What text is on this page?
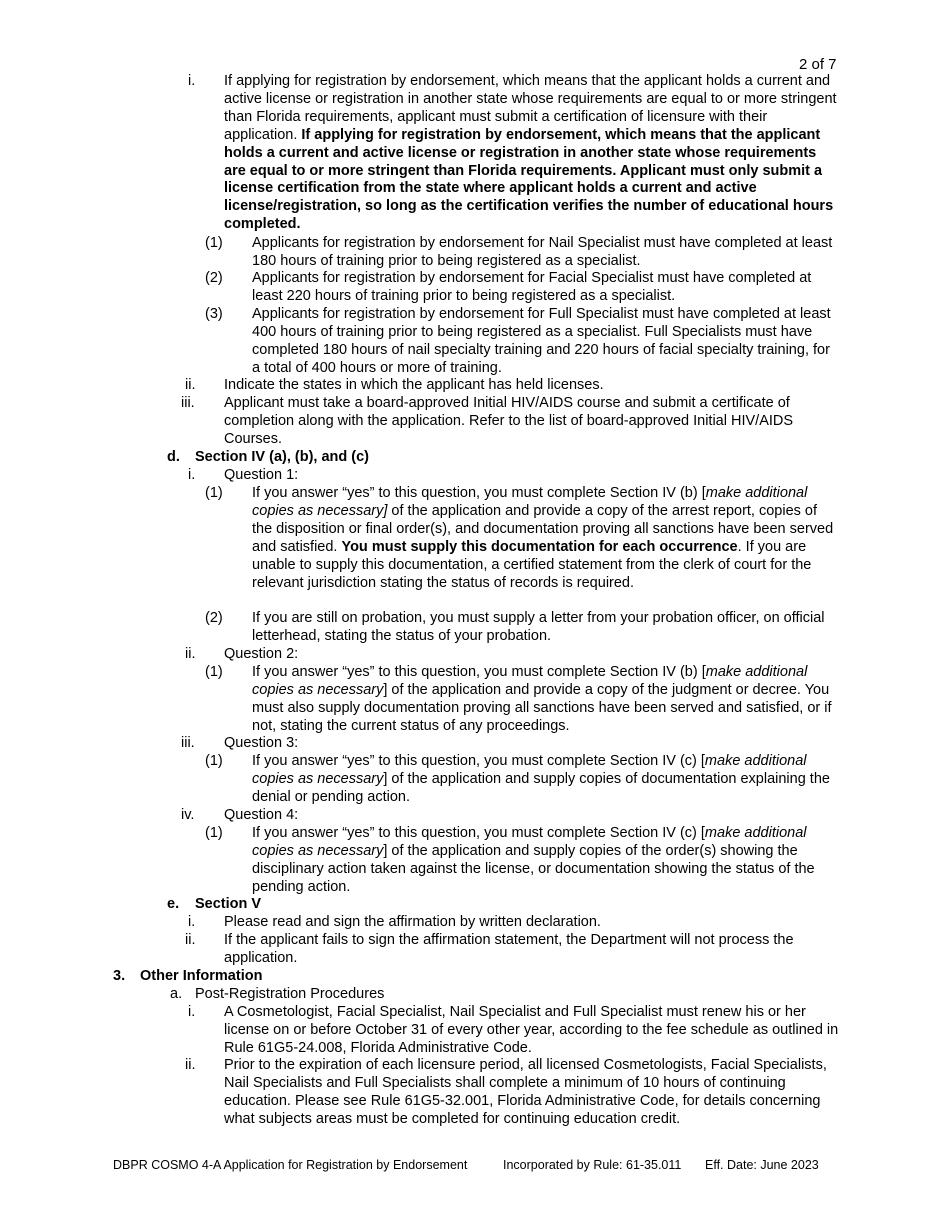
2 of 7
i. If applying for registration by endorsement, which means that the applicant holds a current and active license or registration in another state whose requirements are equal to or more stringent than Florida requirements, applicant must submit a certification of licensure with their application. If applying for registration by endorsement, which means that the applicant holds a current and active license or registration in another state whose requirements are equal to or more stringent than Florida requirements. Applicant must only submit a license certification from the state where applicant holds a current and active license/registration, so long as the certification verifies the number of educational hours completed.
(1) Applicants for registration by endorsement for Nail Specialist must have completed at least 180 hours of training prior to being registered as a specialist.
(2) Applicants for registration by endorsement for Facial Specialist must have completed at least 220 hours of training prior to being registered as a specialist.
(3) Applicants for registration by endorsement for Full Specialist must have completed at least 400 hours of training prior to being registered as a specialist. Full Specialists must have completed 180 hours of nail specialty training and 220 hours of facial specialty training, for a total of 400 hours or more of training.
ii. Indicate the states in which the applicant has held licenses.
iii. Applicant must take a board-approved Initial HIV/AIDS course and submit a certificate of completion along with the application. Refer to the list of board-approved Initial HIV/AIDS Courses.
d. Section IV (a), (b), and (c)
i. Question 1:
(1) If you answer “yes” to this question, you must complete Section IV (b) [make additional copies as necessary] of the application and provide a copy of the arrest report, copies of the disposition or final order(s), and documentation proving all sanctions have been served and satisfied. You must supply this documentation for each occurrence. If you are unable to supply this documentation, a certified statement from the clerk of court for the relevant jurisdiction stating the status of records is required.
(2) If you are still on probation, you must supply a letter from your probation officer, on official letterhead, stating the status of your probation.
ii. Question 2:
(1) If you answer “yes” to this question, you must complete Section IV (b) [make additional copies as necessary] of the application and provide a copy of the judgment or decree. You must also supply documentation proving all sanctions have been served and satisfied, or if not, stating the current status of any proceedings.
iii. Question 3:
(1) If you answer “yes” to this question, you must complete Section IV (c) [make additional copies as necessary] of the application and supply copies of documentation explaining the denial or pending action.
iv. Question 4:
(1) If you answer “yes” to this question, you must complete Section IV (c) [make additional copies as necessary] of the application and supply copies of the order(s) showing the disciplinary action taken against the license, or documentation showing the status of the pending action.
e. Section V
i. Please read and sign the affirmation by written declaration.
ii. If the applicant fails to sign the affirmation statement, the Department will not process the application.
3. Other Information
a. Post-Registration Procedures
i. A Cosmetologist, Facial Specialist, Nail Specialist and Full Specialist must renew his or her license on or before October 31 of every other year, according to the fee schedule as outlined in Rule 61G5-24.008, Florida Administrative Code.
ii. Prior to the expiration of each licensure period, all licensed Cosmetologists, Facial Specialists, Nail Specialists and Full Specialists shall complete a minimum of 10 hours of continuing education. Please see Rule 61G5-32.001, Florida Administrative Code, for details concerning what subjects areas must be completed for continuing education credit.
DBPR COSMO 4-A Application for Registration by Endorsement	Incorporated by Rule: 61-35.011 Eff. Date: June 2023
